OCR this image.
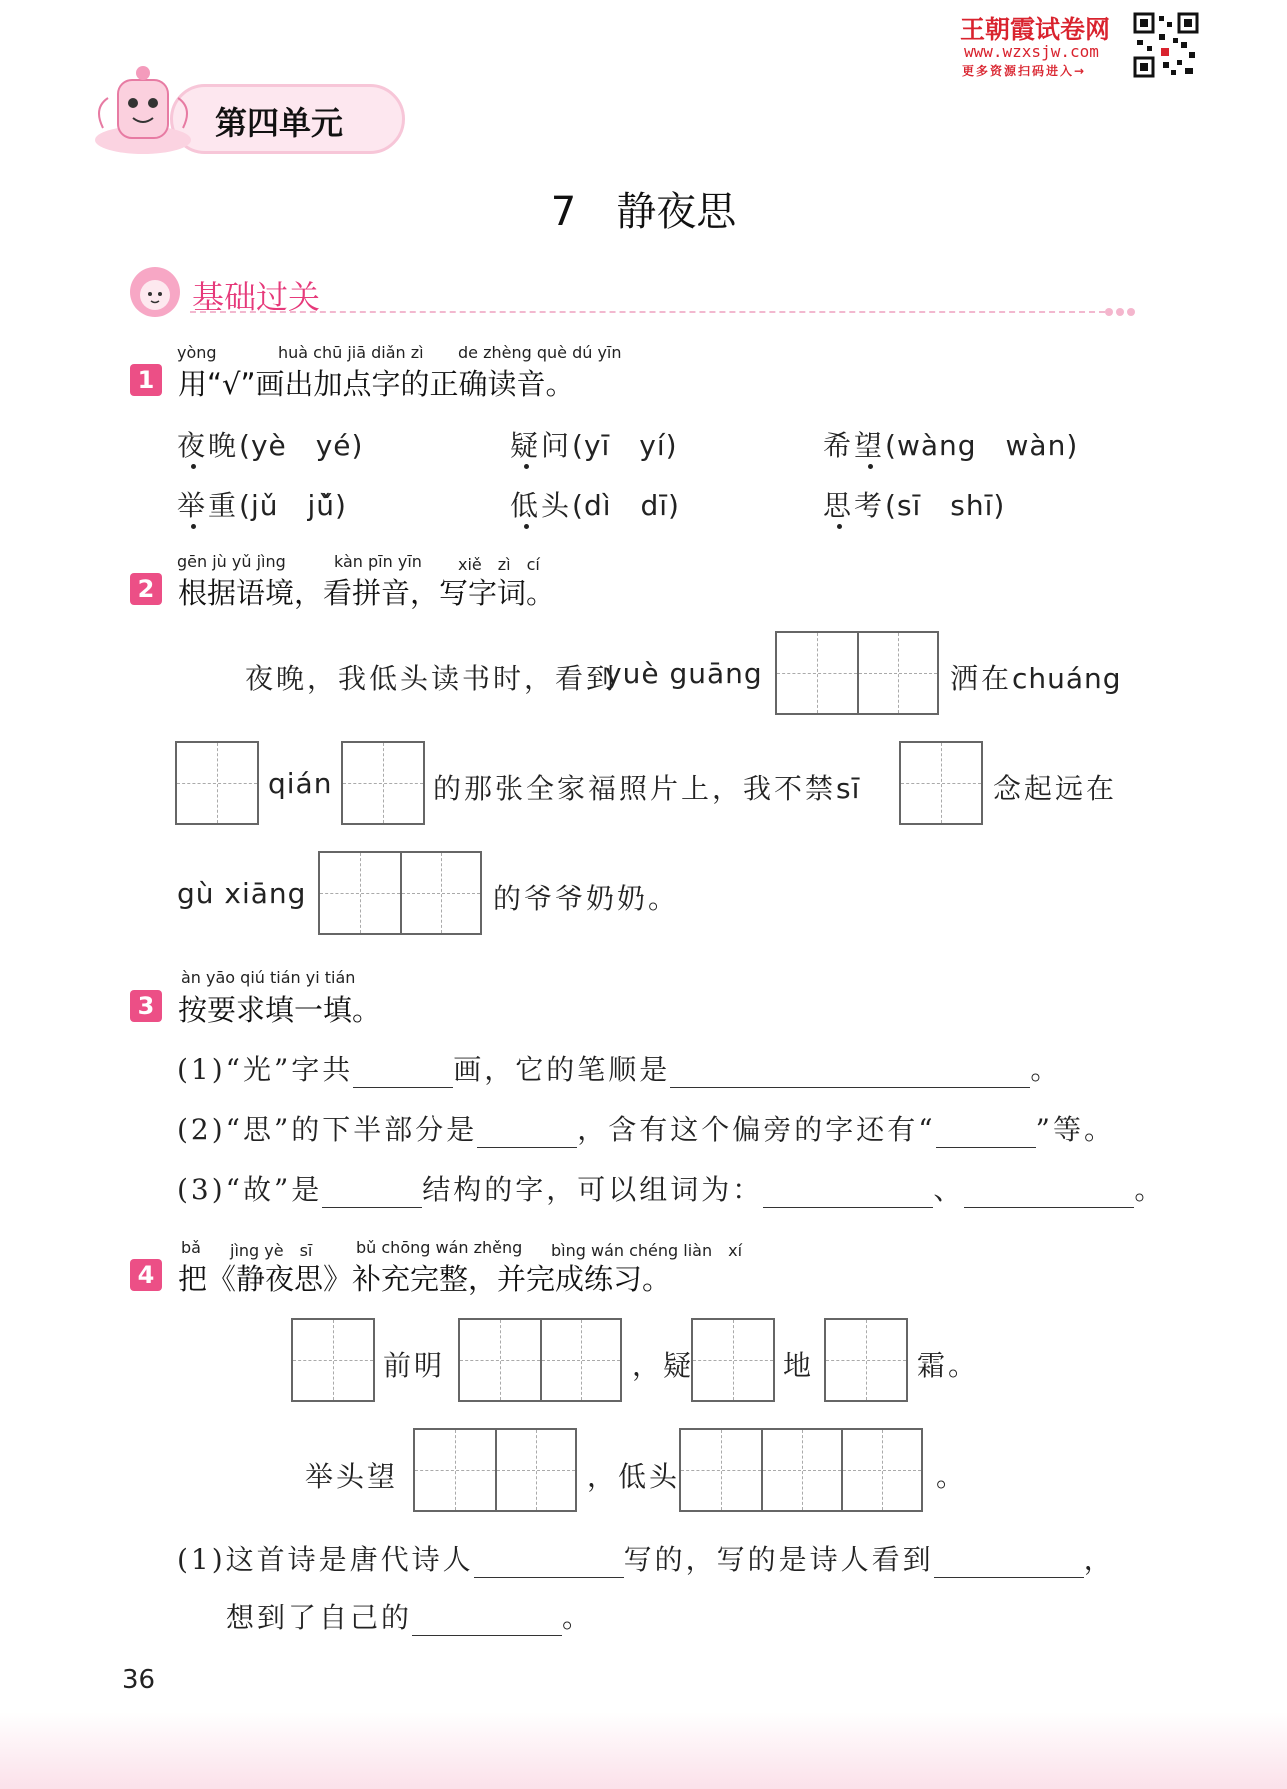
第四单元
王朝霞试卷网
www.wzxsjw.com
更多资源扫码进入→
7　静夜思
基础过关
yòng	huà chū jiā diǎn zì de zhèng què dú yīn
1 用“√”画出加点字的正确读音。
夜晚(yè　yé)	疑问(yī　yí)	希望(wàng　wàn)
举重(jǔ　jǔ̌)	低头(dì　dī)	思考(sī　shī)
gēn jù yǔ jìng	kàn pīn yīn xiě　zì　cí
2 根据语境，看拼音，写字词。
夜晚，我低头读书时，看到
yuè guāng	洒在chuáng
qián	的那张全家福照片上，我不禁sī	念起远在
gù xiāng	的爷爷奶奶。
àn yāo qiú tián yi tián
3 按要求填一填。
(1)“光”字共	画，它的笔顺是	。
(2)“思”的下半部分是	，含有这个偏旁的字还有“	”等。
(3)“故”是	结构的字，可以组词为：	、	。
bǎ jìng yè　sī	bǔ chōng wán zhěng bìng wán chéng liàn　xí
4 把《静夜思》补充完整，并完成练习。
前明	，疑	地	霜。
举头望	，低头	。
(1)这首诗是唐代诗人	写的，写的是诗人看到	，
想到了自己的	。
36
